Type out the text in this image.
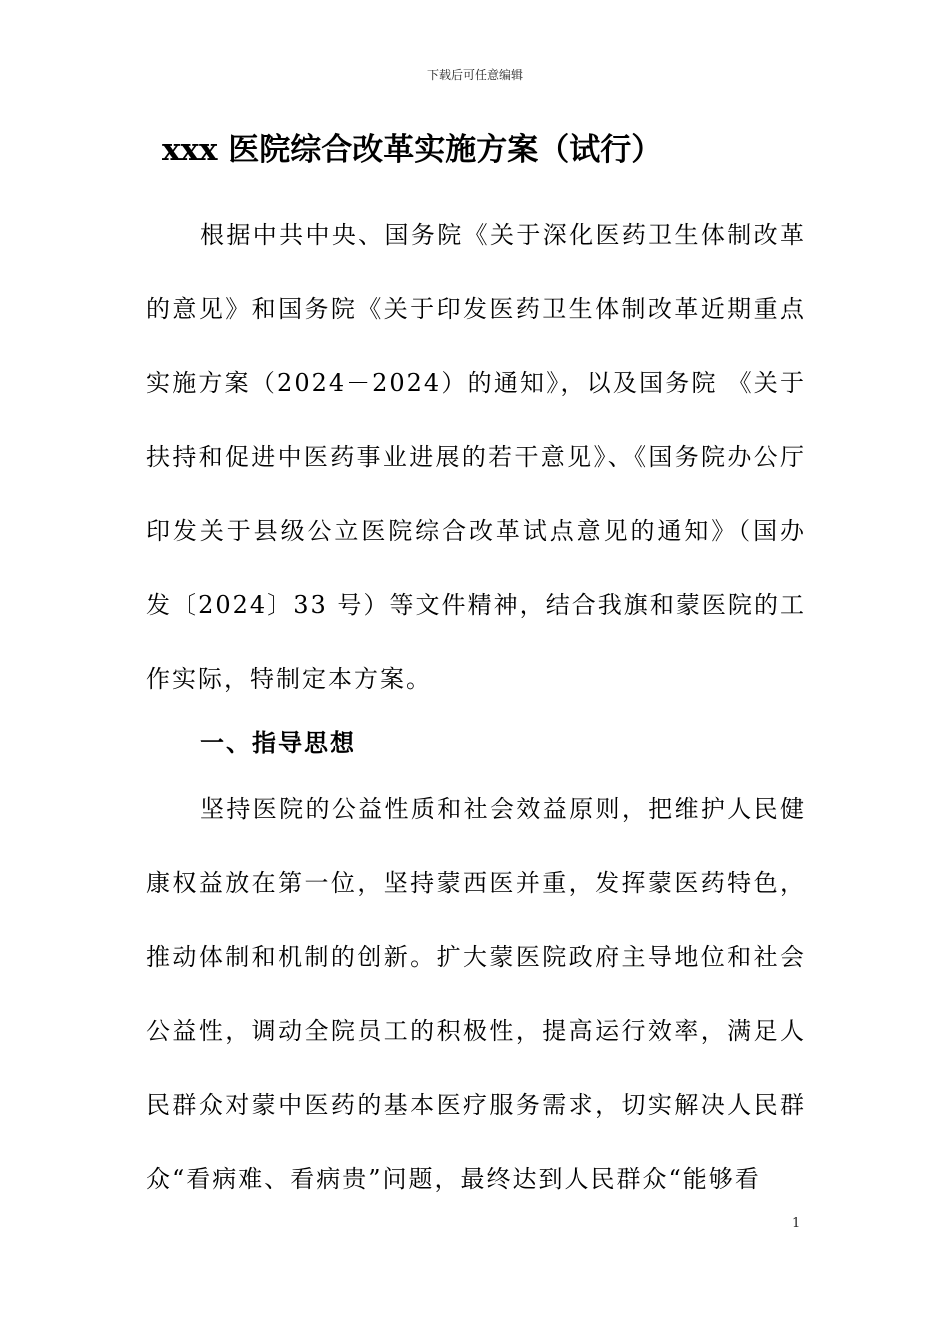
下载后可任意编辑
xxx 医院综合改革实施方案（试行）

根据中共中央、国务院《关于深化医药卫生体制改革的意见》和国务院《关于印发医药卫生体制改革近期重点实施方案（2024－2024）的通知》，以及国务院 《关于扶持和促进中医药事业进展的若干意见》、《国务院办公厅印发关于县级公立医院综合改革试点意见的通知》（国办发〔2024〕33 号）等文件精神，结合我旗和蒙医院的工作实际，特制定本方案。

一、指导思想

坚持医院的公益性质和社会效益原则，把维护人民健康权益放在第一位，坚持蒙西医并重，发挥蒙医药特色，推动体制和机制的创新。扩大蒙医院政府主导地位和社会公益性，调动全院员工的积极性，提高运行效率，满足人民群众对蒙中医药的基本医疗服务需求，切实解决人民群众“看病难、看病贵”问题，最终达到人民群众“能够看

1
